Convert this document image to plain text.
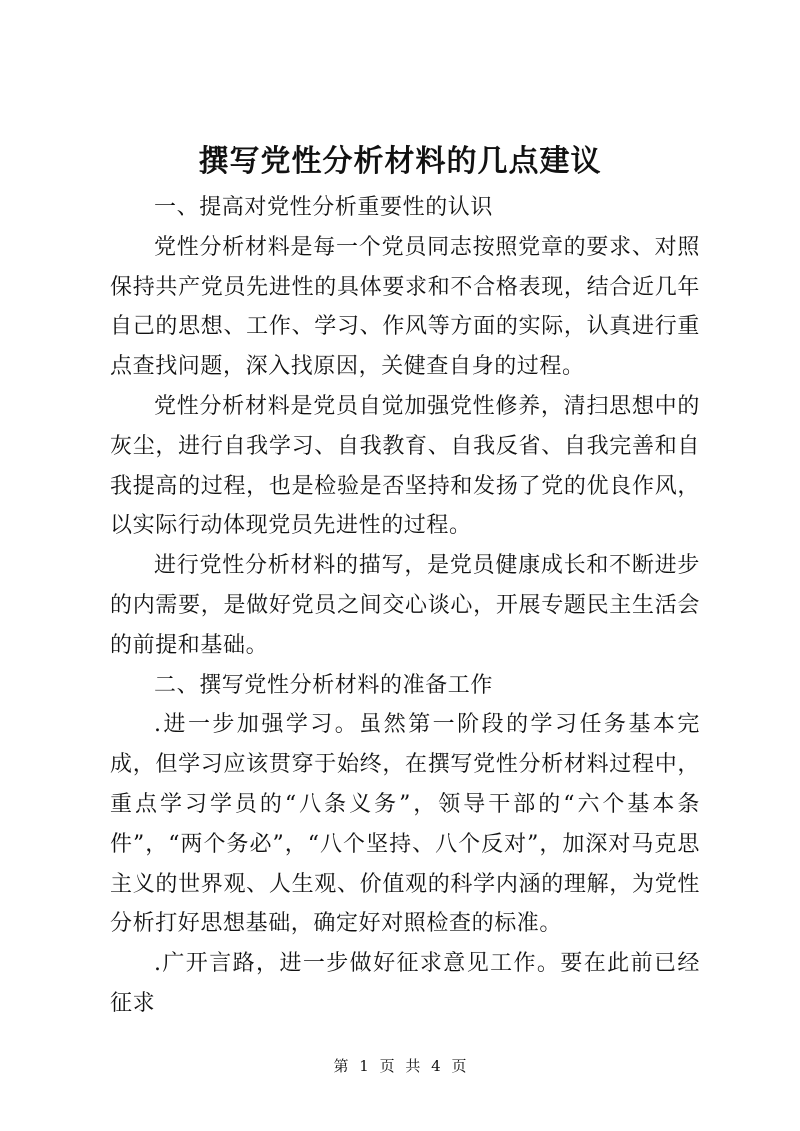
撰写党性分析材料的几点建议

一、提高对党性分析重要性的认识

党性分析材料是每一个党员同志按照党章的要求、对照保持共产党员先进性的具体要求和不合格表现，结合近几年自己的思想、工作、学习、作风等方面的实际，认真进行重点查找问题，深入找原因，关健查自身的过程。

党性分析材料是党员自觉加强党性修养，清扫思想中的灰尘，进行自我学习、自我教育、自我反省、自我完善和自我提高的过程，也是检验是否坚持和发扬了党的优良作风，以实际行动体现党员先进性的过程。

进行党性分析材料的描写，是党员健康成长和不断进步的内需要，是做好党员之间交心谈心，开展专题民主生活会的前提和基础。

二、撰写党性分析材料的准备工作

.进一步加强学习。虽然第一阶段的学习任务基本完成，但学习应该贯穿于始终，在撰写党性分析材料过程中，重点学习学员的“八条义务”，领导干部的“六个基本条件”，“两个务必”，“八个坚持、八个反对”，加深对马克思主义的世界观、人生观、价值观的科学内涵的理解，为党性分析打好思想基础，确定好对照检查的标准。

.广开言路，进一步做好征求意见工作。要在此前已经征求

第 1 页 共 4 页
